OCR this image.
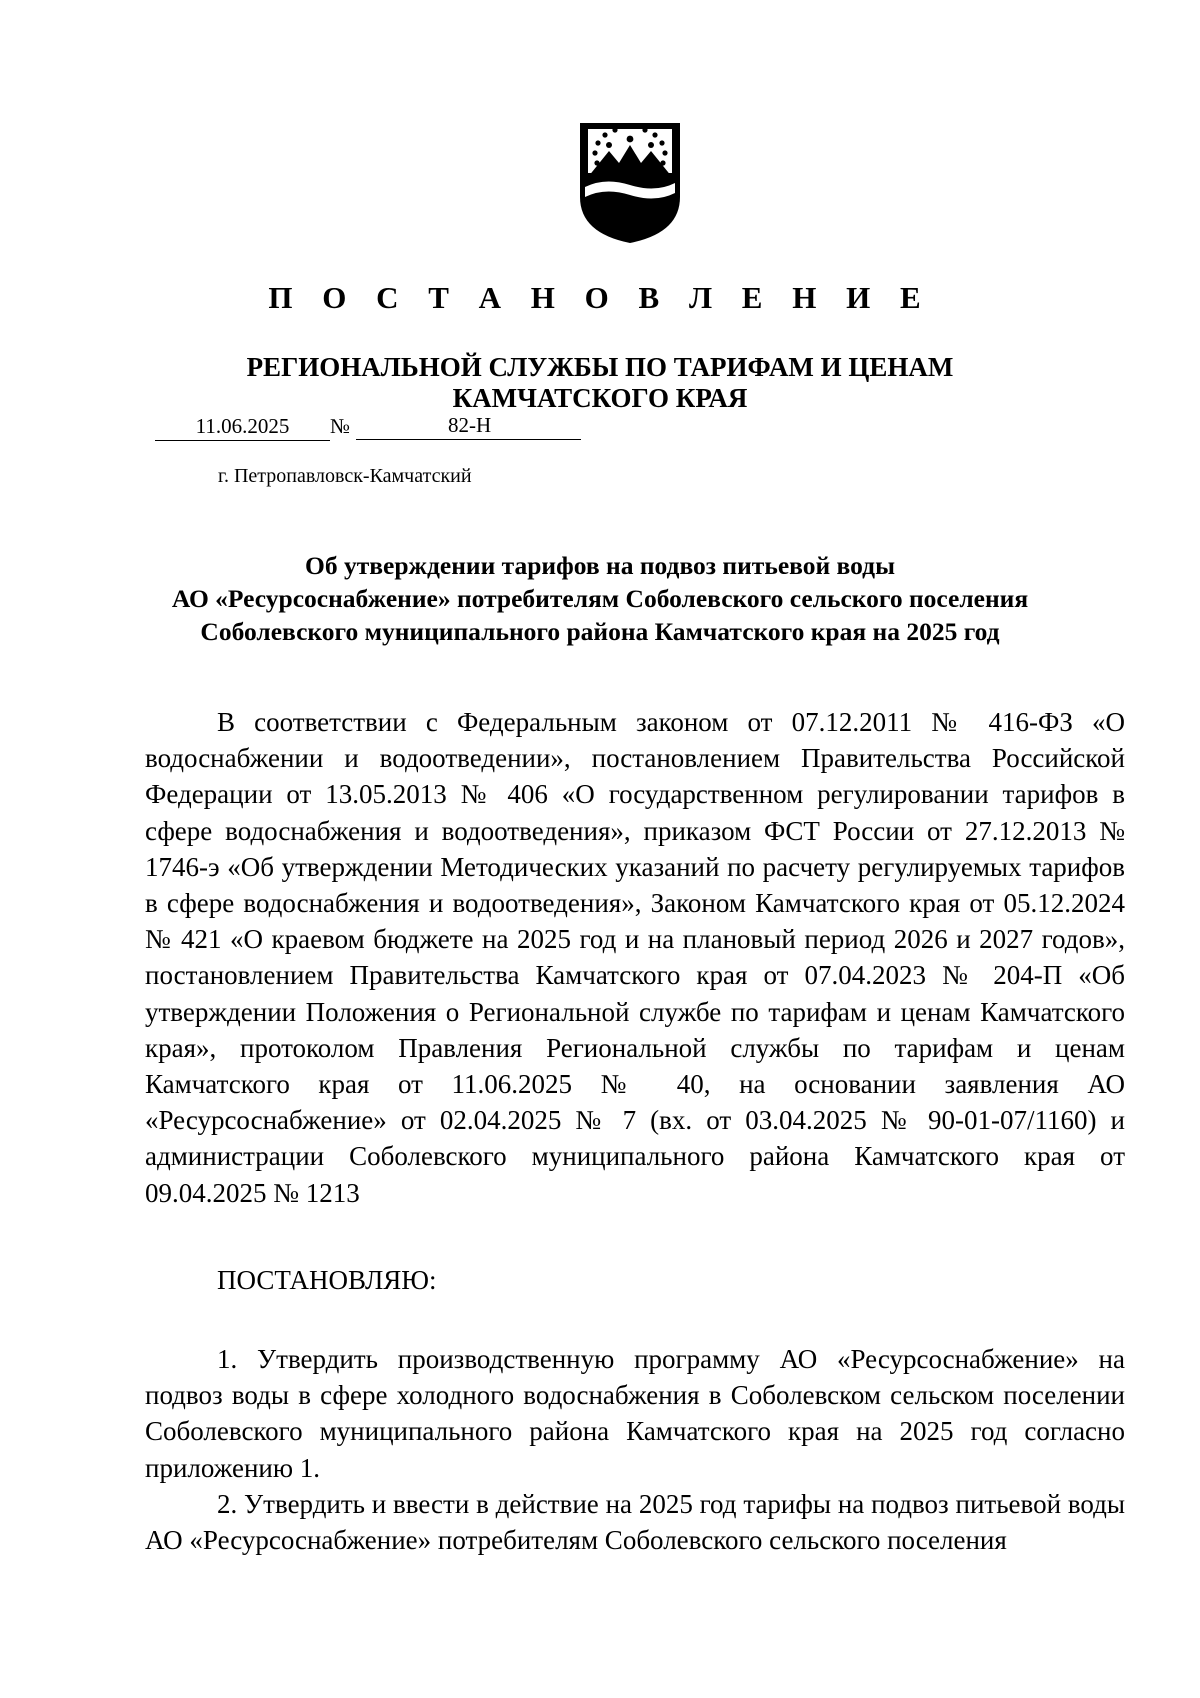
П О С Т А Н О В Л Е Н И Е
РЕГИОНАЛЬНОЙ СЛУЖБЫ ПО ТАРИФАМ И ЦЕНАМ
КАМЧАТСКОГО КРАЯ
11.06.2025	№	82-Н
г. Петропавловск-Камчатский
Об утверждении тарифов на подвоз питьевой воды
АО «Ресурсоснабжение» потребителям Соболевского сельского поселения
Соболевского муниципального района Камчатского края на 2025 год

В соответствии с Федеральным законом от 07.12.2011 № 416-ФЗ «О водоснабжении и водоотведении», постановлением Правительства Российской Федерации от 13.05.2013 № 406 «О государственном регулировании тарифов в сфере водоснабжения и водоотведения», приказом ФСТ России от 27.12.2013 № 1746-э «Об утверждении Методических указаний по расчету регулируемых тарифов в сфере водоснабжения и водоотведения», Законом Камчатского края от 05.12.2024 № 421 «О краевом бюджете на 2025 год и на плановый период 2026 и 2027 годов», постановлением Правительства Камчатского края от 07.04.2023 № 204-П «Об утверждении Положения о Региональной службе по тарифам и ценам Камчатского края», протоколом Правления Региональной службы по тарифам и ценам Камчатского края от 11.06.2025 № 40, на основании заявления АО «Ресурсоснабжение» от 02.04.2025 № 7 (вх. от 03.04.2025 № 90-01-07/1160) и администрации Соболевского муниципального района Камчатского края от 09.04.2025 № 1213

ПОСТАНОВЛЯЮ:

1. Утвердить производственную программу АО «Ресурсоснабжение» на подвоз воды в сфере холодного водоснабжения в Соболевском сельском поселении Соболевского муниципального района Камчатского края на 2025 год согласно приложению 1.

2. Утвердить и ввести в действие на 2025 год тарифы на подвоз питьевой воды АО «Ресурсоснабжение» потребителям Соболевского сельского поселения
